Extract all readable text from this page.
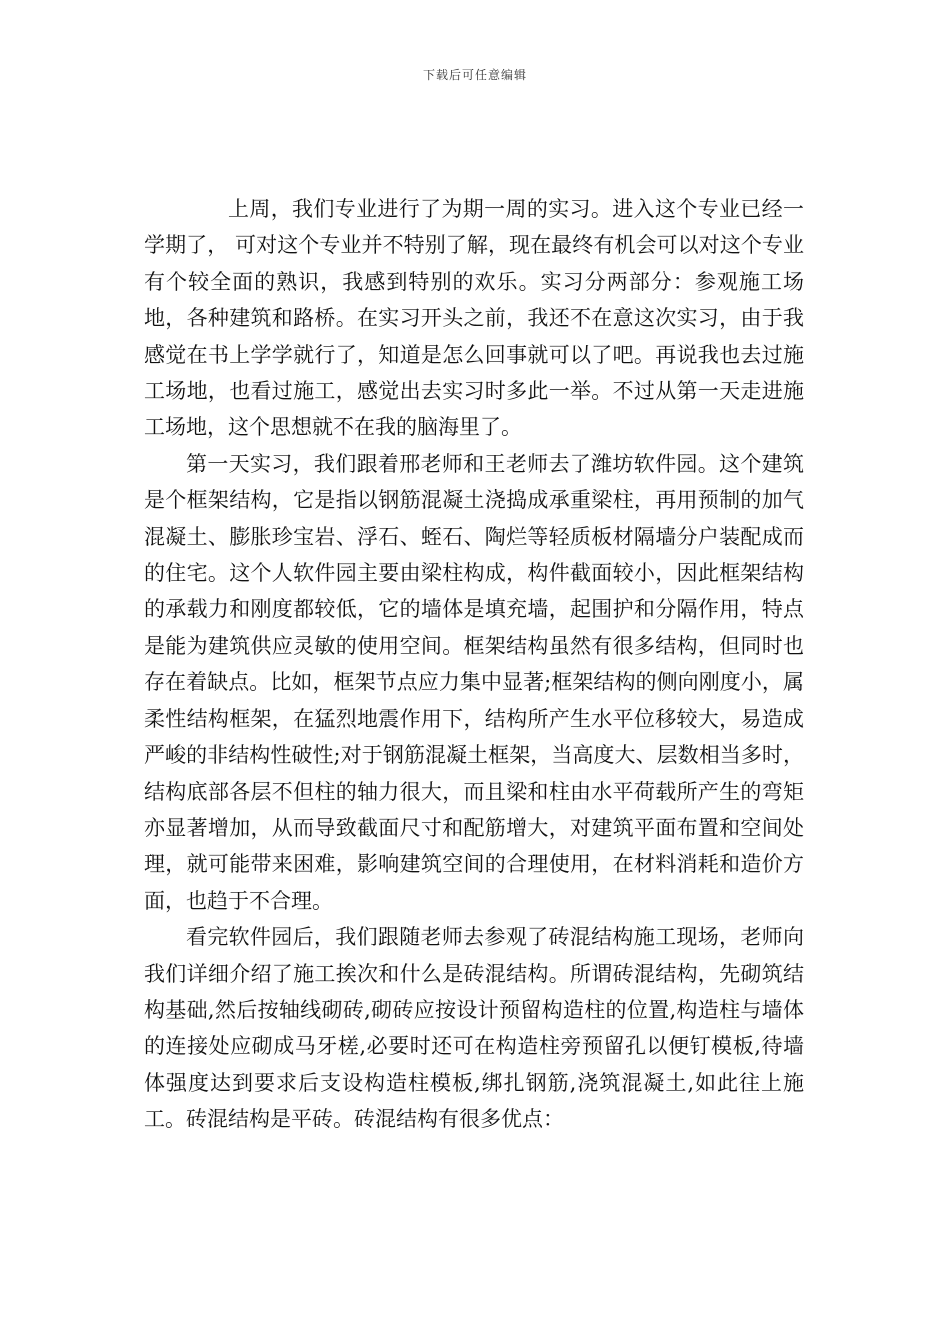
下载后可任意编辑

上周，我们专业进行了为期一周的实习。进入这个专业已经一学期了， 可对这个专业并不特别了解，现在最终有机会可以对这个专业有个较全面的熟识，我感到特别的欢乐。实习分两部分：参观施工场地，各种建筑和路桥。在实习开头之前，我还不在意这次实习，由于我感觉在书上学学就行了，知道是怎么回事就可以了吧。再说我也去过施工场地，也看过施工，感觉出去实习时多此一举。不过从第一天走进施工场地，这个思想就不在我的脑海里了。

第一天实习，我们跟着邢老师和王老师去了潍坊软件园。这个建筑是个框架结构，它是指以钢筋混凝土浇捣成承重梁柱，再用预制的加气混凝土、膨胀珍宝岩、浮石、蛭石、陶烂等轻质板材隔墙分户装配成而的住宅。这个人软件园主要由梁柱构成，构件截面较小，因此框架结构的承载力和刚度都较低，它的墙体是填充墙，起围护和分隔作用，特点是能为建筑供应灵敏的使用空间。框架结构虽然有很多结构，但同时也存在着缺点。比如，框架节点应力集中显著;框架结构的侧向刚度小，属柔性结构框架，在猛烈地震作用下，结构所产生水平位移较大，易造成严峻的非结构性破性;对于钢筋混凝土框架，当高度大、层数相当多时，结构底部各层不但柱的轴力很大，而且梁和柱由水平荷载所产生的弯矩亦显著增加，从而导致截面尺寸和配筋增大，对建筑平面布置和空间处理，就可能带来困难，影响建筑空间的合理使用，在材料消耗和造价方面，也趋于不合理。

看完软件园后，我们跟随老师去参观了砖混结构施工现场，老师向我们详细介绍了施工挨次和什么是砖混结构。所谓砖混结构，先砌筑结构基础,然后按轴线砌砖,砌砖应按设计预留构造柱的位置,构造柱与墙体的连接处应砌成马牙槎,必要时还可在构造柱旁预留孔以便钉模板,待墙体强度达到要求后支设构造柱模板,绑扎钢筋,浇筑混凝土,如此往上施工。砖混结构是平砖。砖混结构有很多优点：
